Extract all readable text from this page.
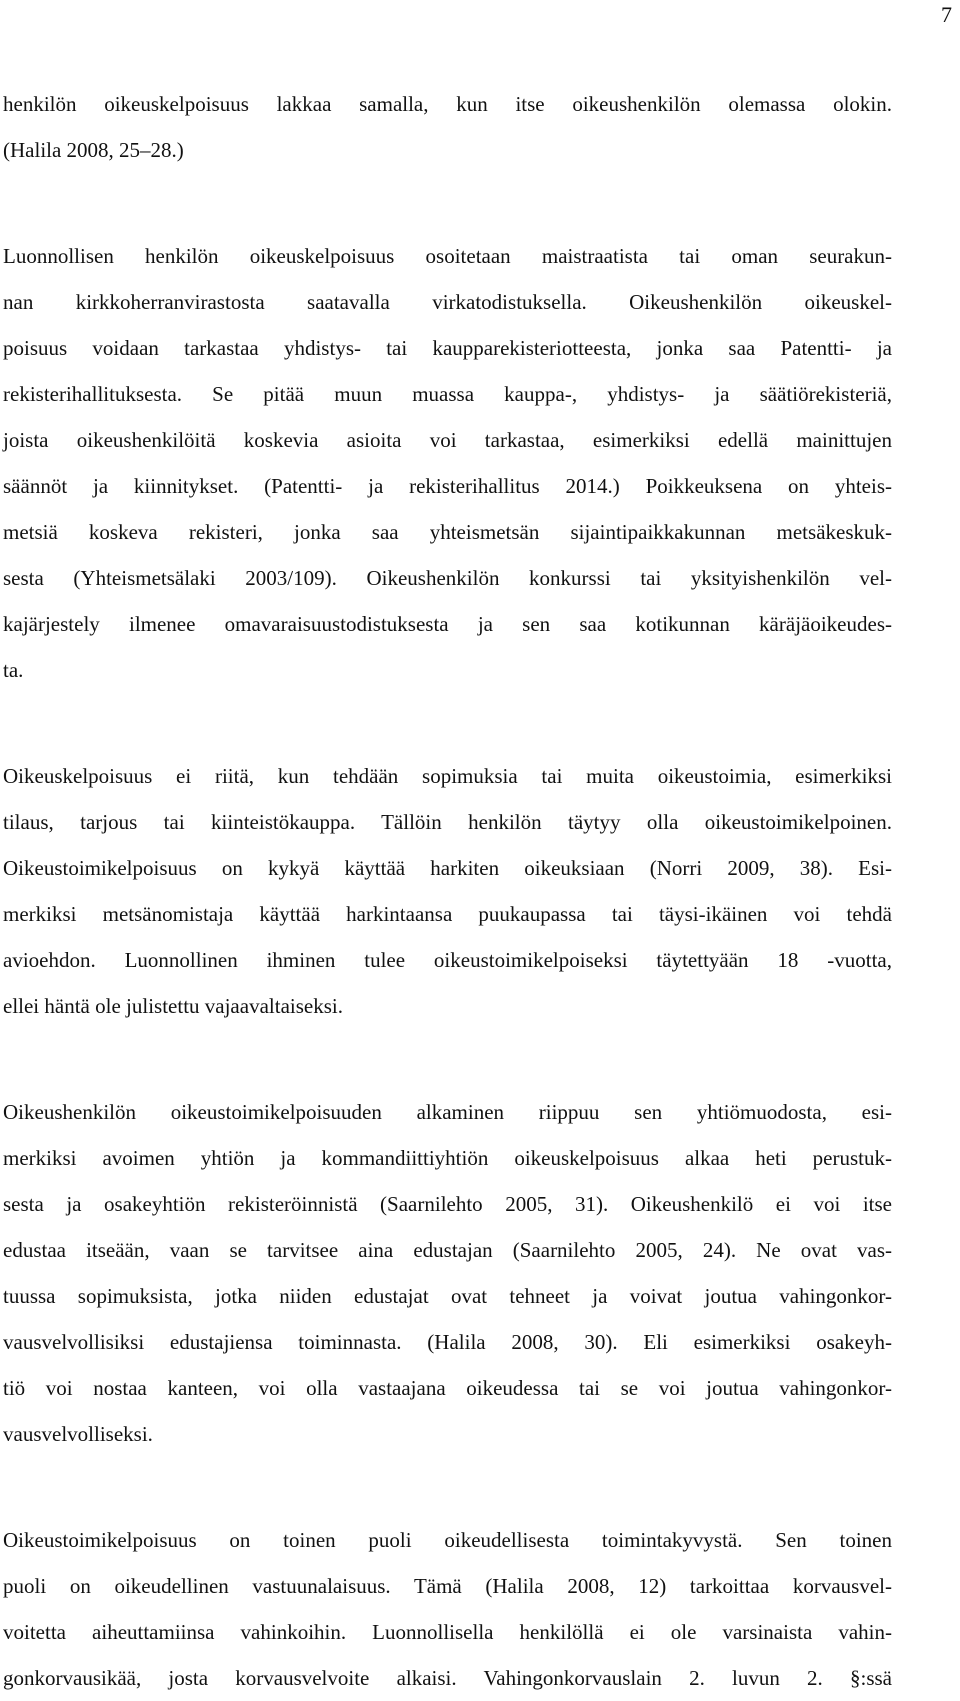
7
henkilön oikeuskelpoisuus lakkaa samalla, kun itse oikeushenkilön olemassa olokin.
(Halila 2008, 25–28.)
Luonnollisen henkilön oikeuskelpoisuus osoitetaan maistraatista tai oman seurakun-
nan kirkkoherranvirastosta saatavalla virkatodistuksella. Oikeushenkilön oikeuskel-
poisuus voidaan tarkastaa yhdistys- tai kaupparekisteriotteesta, jonka saa Patentti- ja
rekisterihallituksesta. Se pitää muun muassa kauppa-, yhdistys- ja säätiörekisteriä,
joista oikeushenkilöitä koskevia asioita voi tarkastaa, esimerkiksi edellä mainittujen
säännöt ja kiinnitykset. (Patentti- ja rekisterihallitus 2014.) Poikkeuksena on yhteis-
metsiä koskeva rekisteri, jonka saa yhteismetsän sijaintipaikkakunnan metsäkeskuk-
sesta (Yhteismetsälaki 2003/109). Oikeushenkilön konkurssi tai yksityishenkilön vel-
kajärjestely ilmenee omavaraisuustodistuksesta ja sen saa kotikunnan käräjäoikeudes-
ta.
Oikeuskelpoisuus ei riitä, kun tehdään sopimuksia tai muita oikeustoimia, esimerkiksi
tilaus, tarjous tai kiinteistökauppa. Tällöin henkilön täytyy olla oikeustoimikelpoinen.
Oikeustoimikelpoisuus on kykyä käyttää harkiten oikeuksiaan (Norri 2009, 38). Esi-
merkiksi metsänomistaja käyttää harkintaansa puukaupassa tai täysi-ikäinen voi tehdä
avioehdon. Luonnollinen ihminen tulee oikeustoimikelpoiseksi täytettyään 18 -vuotta,
ellei häntä ole julistettu vajaavaltaiseksi.
Oikeushenkilön oikeustoimikelpoisuuden alkaminen riippuu sen yhtiömuodosta, esi-
merkiksi avoimen yhtiön ja kommandiittiyhtiön oikeuskelpoisuus alkaa heti perustuk-
sesta ja osakeyhtiön rekisteröinnistä (Saarnilehto 2005, 31). Oikeushenkilö ei voi itse
edustaa itseään, vaan se tarvitsee aina edustajan (Saarnilehto 2005, 24). Ne ovat vas-
tuussa sopimuksista, jotka niiden edustajat ovat tehneet ja voivat joutua vahingonkor-
vausvelvollisiksi edustajiensa toiminnasta. (Halila 2008, 30). Eli esimerkiksi osakeyh-
tiö voi nostaa kanteen, voi olla vastaajana oikeudessa tai se voi joutua vahingonkor-
vausvelvolliseksi.
Oikeustoimikelpoisuus on toinen puoli oikeudellisesta toimintakyvystä. Sen toinen
puoli on oikeudellinen vastuunalaisuus. Tämä (Halila 2008, 12) tarkoittaa korvausvel-
voitetta aiheuttamiinsa vahinkoihin. Luonnollisella henkilöllä ei ole varsinaista vahin-
gonkorvausikää, josta korvausvelvoite alkaisi. Vahingonkorvauslain 2. luvun 2. §:ssä
